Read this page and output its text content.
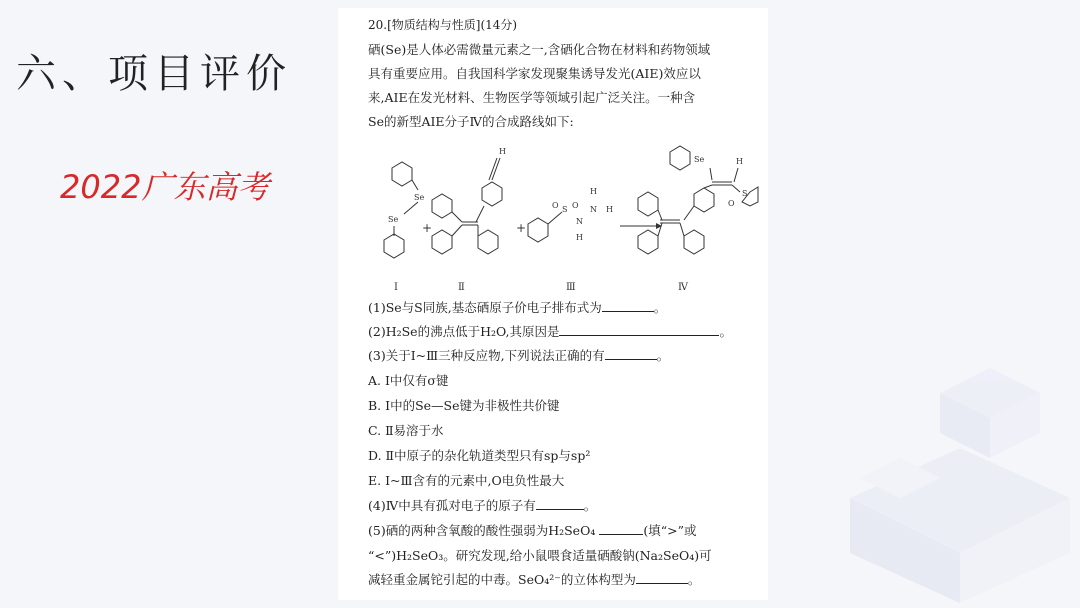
六、项目评价
2022广东高考
20.[物质结构与性质](14分)
硒(Se)是人体必需微量元素之一,含硒化合物在材料和药物领域
具有重要应用。自我国科学家发现聚集诱导发光(AIE)效应以
来,AIE在发光材料、生物医学等领域引起广泛关注。一种含
Se的新型AIE分子Ⅳ的合成路线如下:
Se
Se
+
H
+
O S O
N
H
N H
H
Se	H
O
S
Ⅰ	Ⅱ	Ⅲ	Ⅳ
(1)Se与S同族,基态硒原子价电子排布式为	。
(2)H₂Se的沸点低于H₂O,其原因是	。
(3)关于Ⅰ~Ⅲ三种反应物,下列说法正确的有	。
A. Ⅰ中仅有σ键
B. Ⅰ中的Se—Se键为非极性共价键
C. Ⅱ易溶于水
D. Ⅱ中原子的杂化轨道类型只有sp与sp²
E. Ⅰ~Ⅲ含有的元素中,O电负性最大
(4)Ⅳ中具有孤对电子的原子有	。
(5)硒的两种含氧酸的酸性强弱为H₂SeO₄	(填“>”或
“<”)H₂SeO₃。研究发现,给小鼠喂食适量硒酸钠(Na₂SeO₄)可
减轻重金属铊引起的中毒。SeO₄²⁻的立体构型为	。
